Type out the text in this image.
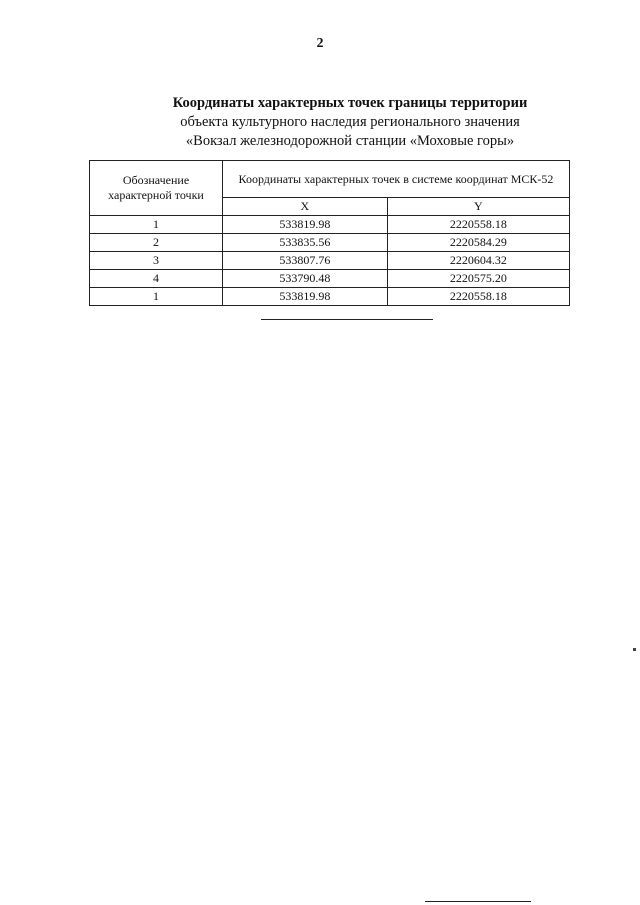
2
Координаты характерных точек границы территории
объекта культурного наследия регионального значения
«Вокзал железнодорожной станции «Моховые горы»
Обозначение характерной точки	Координаты характерных точек в системе координат МСК-52	
	X	Y
1	533819.98	2220558.18
2	533835.56	2220584.29
3	533807.76	2220604.32
4	533790.48	2220575.20
1	533819.98	2220558.18
